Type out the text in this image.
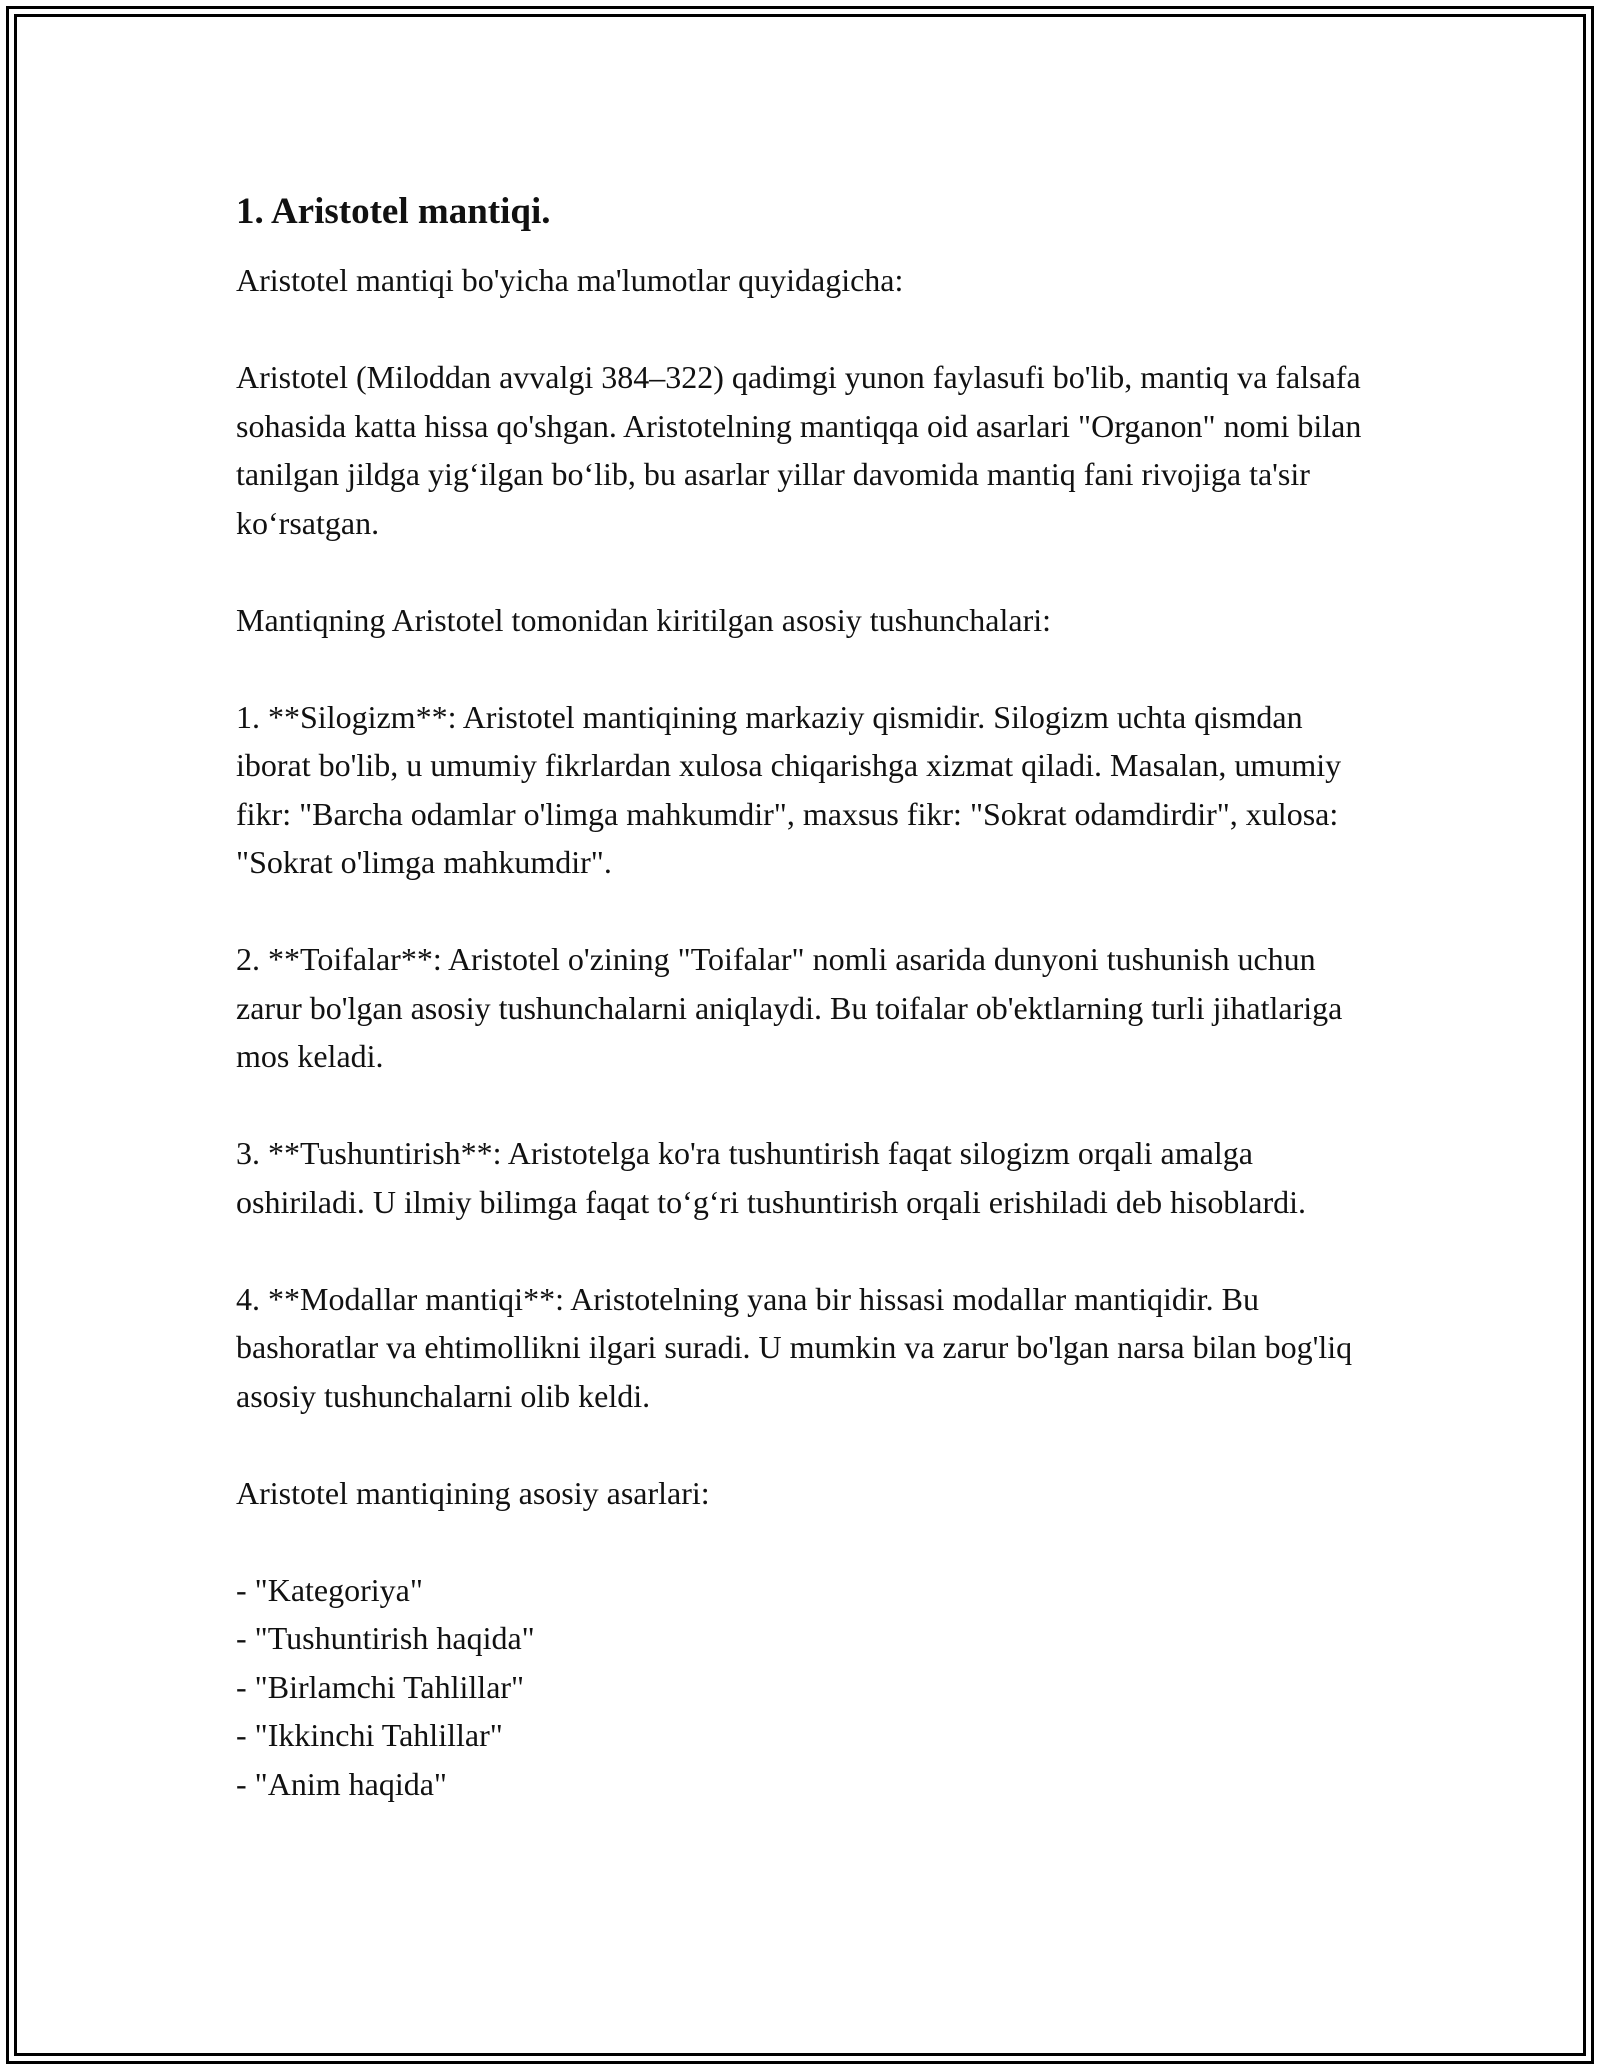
1. Aristotel mantiqi.

Aristotel mantiqi bo'yicha ma'lumotlar quyidagicha:

Aristotel (Miloddan avvalgi 384–322) qadimgi yunon faylasufi bo'lib, mantiq va falsafa sohasida katta hissa qo'shgan. Aristotelning mantiqqa oid asarlari "Organon" nomi bilan tanilgan jildga yig‘ilgan bo‘lib, bu asarlar yillar davomida mantiq fani rivojiga ta'sir ko‘rsatgan.

Mantiqning Aristotel tomonidan kiritilgan asosiy tushunchalari:

1. **Silogizm**: Aristotel mantiqining markaziy qismidir. Silogizm uchta qismdan iborat bo'lib, u umumiy fikrlardan xulosa chiqarishga xizmat qiladi. Masalan, umumiy fikr: "Barcha odamlar o'limga mahkumdir", maxsus fikr: "Sokrat odamdirdir", xulosa: "Sokrat o'limga mahkumdir".

2. **Toifalar**: Aristotel o'zining "Toifalar" nomli asarida dunyoni tushunish uchun zarur bo'lgan asosiy tushunchalarni aniqlaydi. Bu toifalar ob'ektlarning turli jihatlariga mos keladi.

3. **Tushuntirish**: Aristotelga ko'ra tushuntirish faqat silogizm orqali amalga oshiriladi. U ilmiy bilimga faqat to‘g‘ri tushuntirish orqali erishiladi deb hisoblardi.

4. **Modallar mantiqi**: Aristotelning yana bir hissasi modallar mantiqidir. Bu bashoratlar va ehtimollikni ilgari suradi. U mumkin va zarur bo'lgan narsa bilan bog'liq asosiy tushunchalarni olib keldi.

Aristotel mantiqining asosiy asarlari:

- "Kategoriya"
- "Tushuntirish haqida"
- "Birlamchi Tahlillar"
- "Ikkinchi Tahlillar"
- "Anim haqida"
